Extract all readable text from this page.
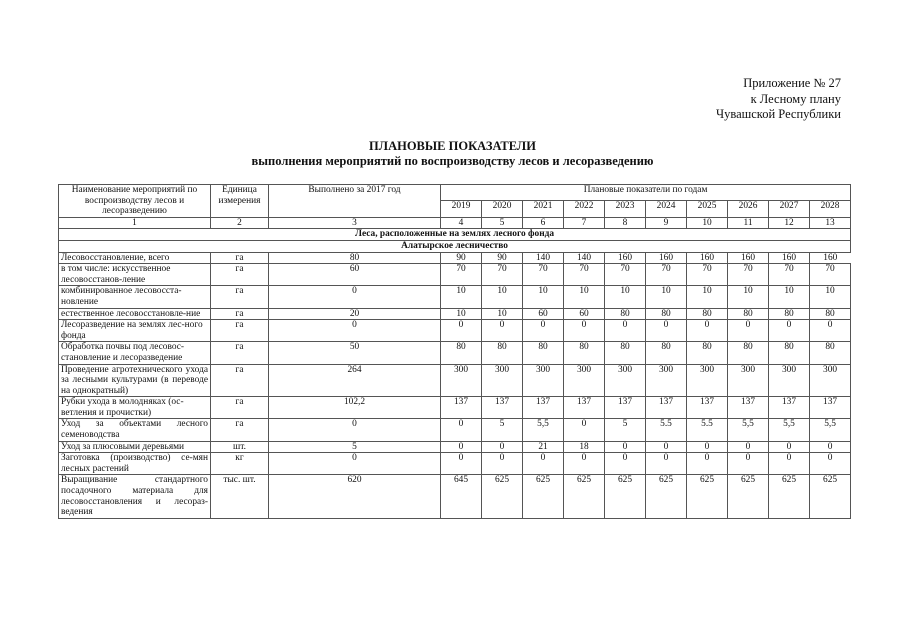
Приложение № 27
к Лесному плану
Чувашской Республики
ПЛАНОВЫЕ ПОКАЗАТЕЛИ
выполнения мероприятий по воспроизводству лесов и лесоразведению
Наименование мероприятий по воспроизводству лесов и лесоразведению	Единица измерения	Выполнено за 2017 год	Плановые показатели по годам									
			2019	2020	2021	2022	2023	2024	2025	2026	2027	2028
1	2	3	4	5	6	7	8	9	10	11	12	13
Леса, расположенные на землях лесного фонда												
Алатырское лесничество												
Лесовосстановление, всего	га	80	90	90	140	140	160	160	160	160	160	160
в том числе: искусственное лесовосстанов-ление	га	60	70	70	70	70	70	70	70	70	70	70
комбинированное лесовосста-новление	га	0	10	10	10	10	10	10	10	10	10	10
естественное лесовосстановле-ние	га	20	10	10	60	60	80	80	80	80	80	80
Лесоразведение на землях лес-ного фонда	га	0	0	0	0	0	0	0	0	0	0	0
Обработка почвы под лесовос-становление и лесоразведение	га	50	80	80	80	80	80	80	80	80	80	80
Проведение агротехнического ухода за лесными культурами (в переводе на однократный)	га	264	300	300	300	300	300	300	300	300	300	300
Рубки ухода в молодняках (ос-ветления и прочистки)	га	102,2	137	137	137	137	137	137	137	137	137	137
Уход за объектами лесного семеноводства	га	0	0	5	5,5	0	5	5.5	5.5	5,5	5,5	5,5
Уход за плюсовыми деревьями	шт.	5	0	0	21	18	0	0	0	0	0	0
Заготовка (производство) се-мян лесных растений	кг	0	0	0	0	0	0	0	0	0	0	0
Выращивание стандартного посадочного материала для лесовосстановления и лесораз-ведения	тыс. шт.	620	645	625	625	625	625	625	625	625	625	625
